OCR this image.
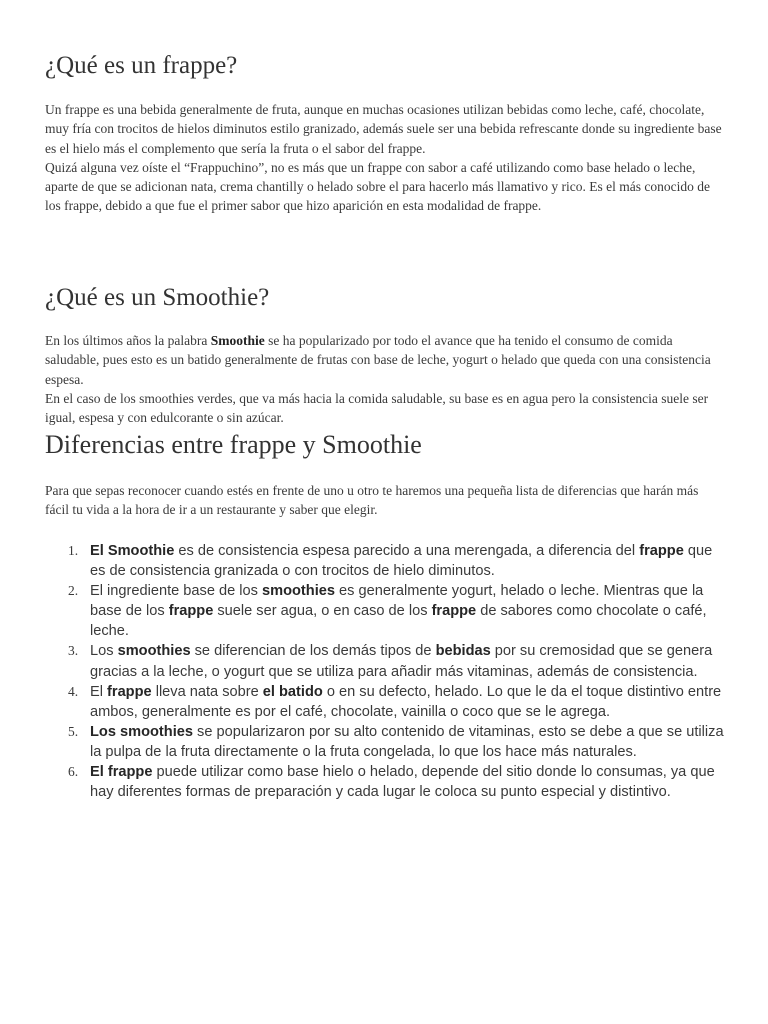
¿Qué es un frappe?

Un frappe es una bebida generalmente de fruta, aunque en muchas ocasiones utilizan bebidas como leche, café, chocolate, muy fría con trocitos de hielos diminutos estilo granizado, además suele ser una bebida refrescante donde su ingrediente base es el hielo más el complemento que sería la fruta o el sabor del frappe.

Quizá alguna vez oíste el “Frappuchino”, no es más que un frappe con sabor a café utilizando como base helado o leche, aparte de que se adicionan nata, crema chantilly o helado sobre el para hacerlo más llamativo y rico. Es el más conocido de los frappe, debido a que fue el primer sabor que hizo aparición en esta modalidad de frappe.

¿Qué es un Smoothie?

En los últimos años la palabra Smoothie se ha popularizado por todo el avance que ha tenido el consumo de comida saludable, pues esto es un batido generalmente de frutas con base de leche, yogurt o helado que queda con una consistencia espesa.

En el caso de los smoothies verdes, que va más hacia la comida saludable, su base es en agua pero la consistencia suele ser igual, espesa y con edulcorante o sin azúcar.

Diferencias entre frappe y Smoothie

Para que sepas reconocer cuando estés en frente de uno u otro te haremos una pequeña lista de diferencias que harán más fácil tu vida a la hora de ir a un restaurante y saber que elegir.

1. El Smoothie es de consistencia espesa parecido a una merengada, a diferencia del frappe que es de consistencia granizada o con trocitos de hielo diminutos.
2. El ingrediente base de los smoothies es generalmente yogurt, helado o leche. Mientras que la base de los frappe suele ser agua, o en caso de los frappe de sabores como chocolate o café, leche.
3. Los smoothies se diferencian de los demás tipos de bebidas por su cremosidad que se genera gracias a la leche, o yogurt que se utiliza para añadir más vitaminas, además de consistencia.
4. El frappe lleva nata sobre el batido o en su defecto, helado. Lo que le da el toque distintivo entre ambos, generalmente es por el café, chocolate, vainilla o coco que se le agrega.
5. Los smoothies se popularizaron por su alto contenido de vitaminas, esto se debe a que se utiliza la pulpa de la fruta directamente o la fruta congelada, lo que los hace más naturales.
6. El frappe puede utilizar como base hielo o helado, depende del sitio donde lo consumas, ya que hay diferentes formas de preparación y cada lugar le coloca su punto especial y distintivo.
